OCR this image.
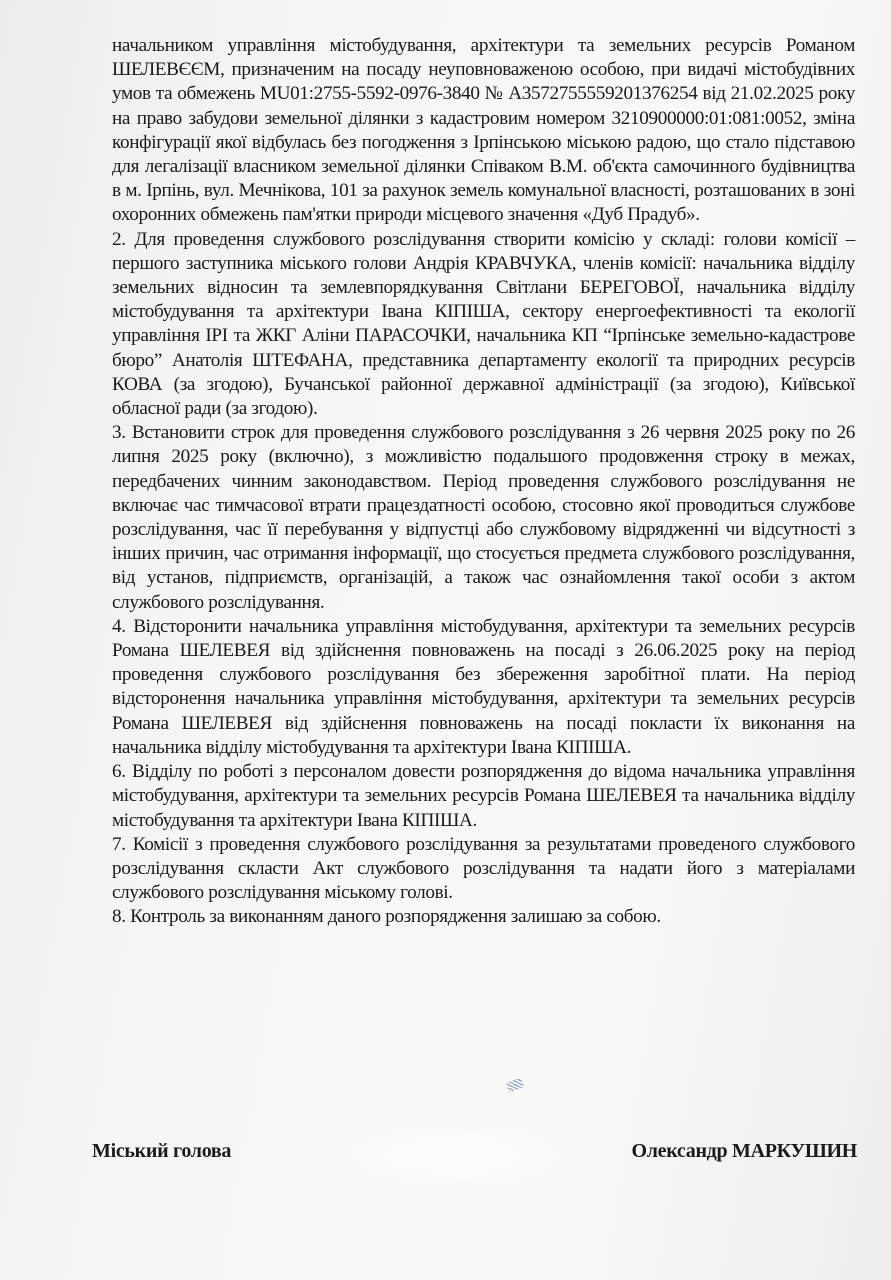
начальником управління містобудування, архітектури та земельних ресурсів Романом ШЕЛЕВЄЄМ, призначеним на посаду неуповноваженою особою, при видачі містобудівних умов та обмежень MU01:2755-5592-0976-3840 № А3572755559201376254 від 21.02.2025 року на право забудови земельної ділянки з кадастровим номером 3210900000:01:081:0052, зміна конфігурації якої відбулась без погодження з Ірпінською міською радою, що стало підставою для легалізації власником земельної ділянки Співаком В.М. об'єкта самочинного будівництва в м. Ірпінь, вул. Мечнікова, 101 за рахунок земель комунальної власності, розташованих в зоні охоронних обмежень пам'ятки природи місцевого значення «Дуб Прадуб».

2. Для проведення службового розслідування створити комісію у складі: голови комісії – першого заступника міського голови Андрія КРАВЧУКА, членів комісії: начальника відділу земельних відносин та землевпорядкування Світлани БЕРЕГОВОЇ, начальника відділу містобудування та архітектури Івана КІПІША, сектору енергоефективності та екології управління ІРІ та ЖКГ Аліни ПАРАСОЧКИ, начальника КП “Ірпінське земельно-кадастрове бюро” Анатолія ШТЕФАНА, представника департаменту екології та природних ресурсів КОВА (за згодою), Бучанської районної державної адміністрації (за згодою), Київської обласної ради (за згодою).

3. Встановити строк для проведення службового розслідування з 26 червня 2025 року по 26 липня 2025 року (включно), з можливістю подальшого продовження строку в межах, передбачених чинним законодавством. Період проведення службового розслідування не включає час тимчасової втрати працездатності особою, стосовно якої проводиться службове розслідування, час її перебування у відпустці або службовому відрядженні чи відсутності з інших причин, час отримання інформації, що стосується предмета службового розслідування, від установ, підприємств, організацій, а також час ознайомлення такої особи з актом службового розслідування.

4. Відсторонити начальника управління містобудування, архітектури та земельних ресурсів Романа ШЕЛЕВЕЯ від здійснення повноважень на посаді з 26.06.2025 року на період проведення службового розслідування без збереження заробітної плати. На період відсторонення начальника управління містобудування, архітектури та земельних ресурсів Романа ШЕЛЕВЕЯ від здійснення повноважень на посаді покласти їх виконання на начальника відділу містобудування та архітектури Івана КІПІША.

6. Відділу по роботі з персоналом довести розпорядження до відома начальника управління містобудування, архітектури та земельних ресурсів Романа ШЕЛЕВЕЯ та начальника відділу містобудування та архітектури Івана КІПІША.

7. Комісії з проведення службового розслідування за результатами проведеного службового розслідування скласти Акт службового розслідування та надати його з матеріалами службового розслідування міському голові.

8. Контроль за виконанням даного розпорядження залишаю за собою.

Міський голова	Олександр МАРКУШИН
